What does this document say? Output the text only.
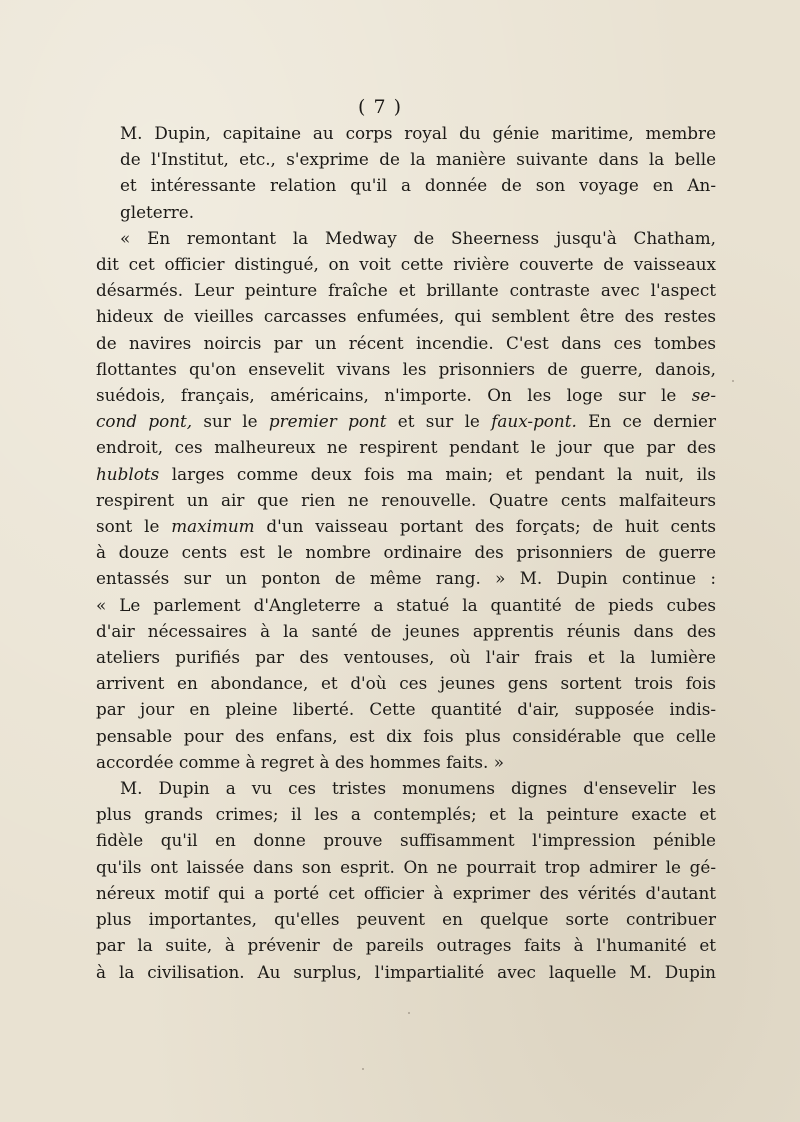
( 7 )

M. Dupin, capitaine au corps royal du génie maritime, membre
de l'Institut, etc., s'exprime de la manière suivante dans la belle
et intéressante relation qu'il a donnée de son voyage en An-
gleterre.

« En remontant la Medway de Sheerness jusqu'à Chatham,
dit cet officier distingué, on voit cette rivière couverte de vaisseaux
désarmés. Leur peinture fraîche et brillante contraste avec l'aspect
hideux de vieilles carcasses enfumées, qui semblent être des restes
de navires noircis par un récent incendie. C'est dans ces tombes
flottantes qu'on ensevelit vivans les prisonniers de guerre, danois,
suédois, français, américains, n'importe. On les loge sur le se-
cond pont, sur le premier pont et sur le faux-pont. En ce dernier
endroit, ces malheureux ne respirent pendant le jour que par des
hublots larges comme deux fois ma main; et pendant la nuit, ils
respirent un air que rien ne renouvelle. Quatre cents malfaiteurs
sont le maximum d'un vaisseau portant des forçats; de huit cents
à douze cents est le nombre ordinaire des prisonniers de guerre
entassés sur un ponton de même rang. » M. Dupin continue :
« Le parlement d'Angleterre a statué la quantité de pieds cubes
d'air nécessaires à la santé de jeunes apprentis réunis dans des
ateliers purifiés par des ventouses, où l'air frais et la lumière
arrivent en abondance, et d'où ces jeunes gens sortent trois fois
par jour en pleine liberté. Cette quantité d'air, supposée indis-
pensable pour des enfans, est dix fois plus considérable que celle
accordée comme à regret à des hommes faits. »

M. Dupin a vu ces tristes monumens dignes d'ensevelir les
plus grands crimes; il les a contemplés; et la peinture exacte et
fidèle qu'il en donne prouve suffisamment l'impression pénible
qu'ils ont laissée dans son esprit. On ne pourrait trop admirer le gé-
néreux motif qui a porté cet officier à exprimer des vérités d'autant
plus importantes, qu'elles peuvent en quelque sorte contribuer
par la suite, à prévenir de pareils outrages faits à l'humanité et
à la civilisation. Au surplus, l'impartialité avec laquelle M. Dupin
